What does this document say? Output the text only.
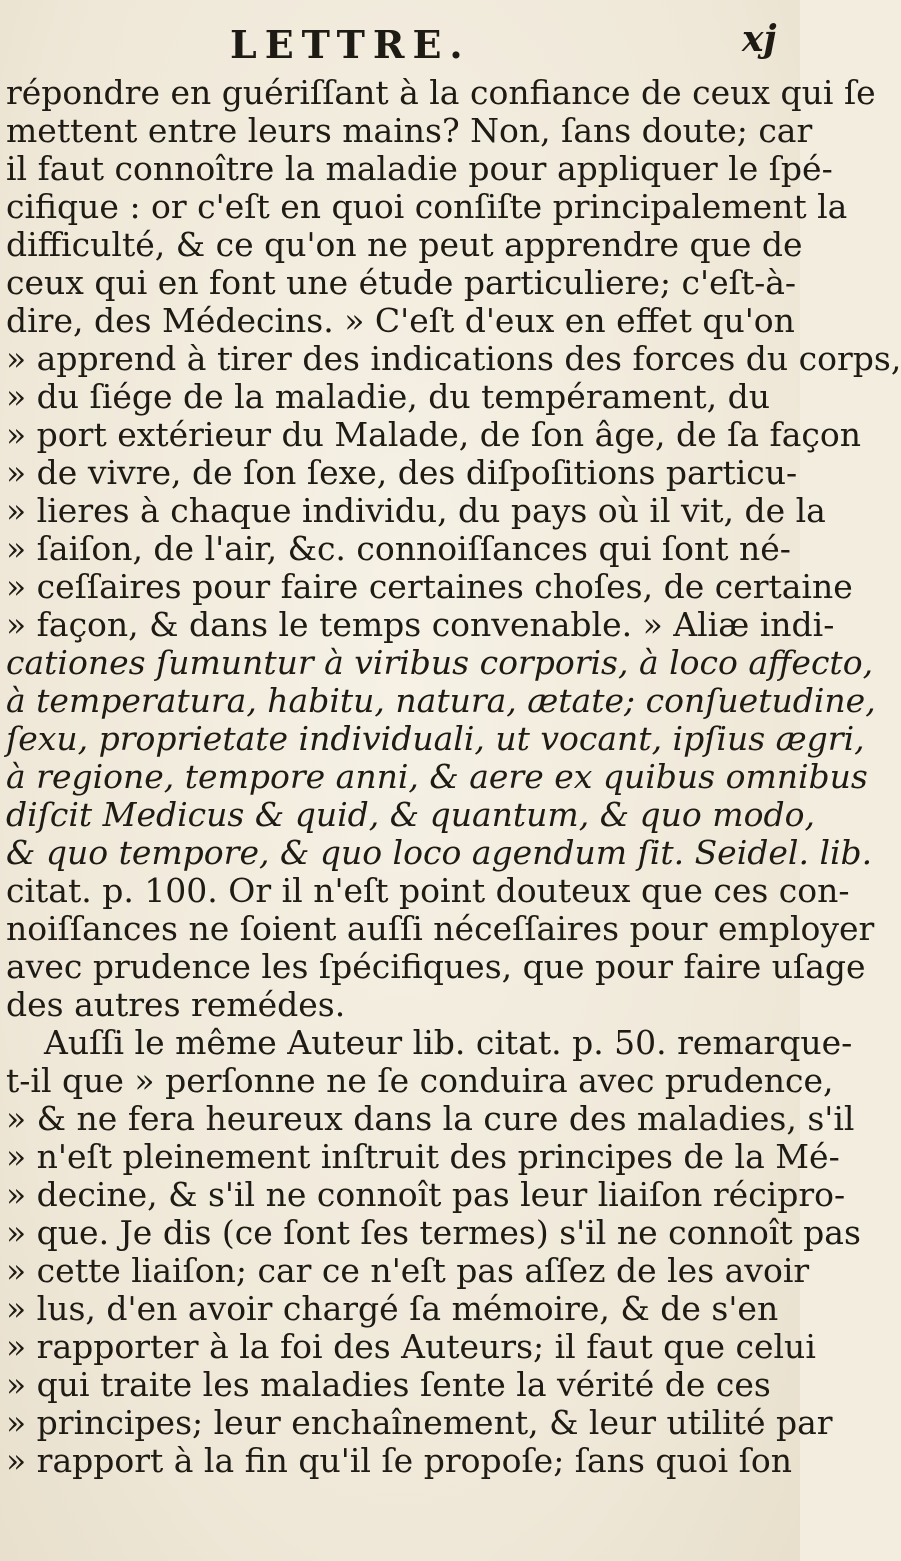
LETTRE.	xj
répondre en guériſſant à la confiance de ceux qui ſe
mettent entre leurs mains? Non, ſans doute; car
il faut connoître la maladie pour appliquer le ſpé-
cifique : or c'eſt en quoi conſiſte principalement la
difficulté, & ce qu'on ne peut apprendre que de
ceux qui en font une étude particuliere; c'eſt-à-
dire, des Médecins. » C'eſt d'eux en effet qu'on
» apprend à tirer des indications des forces du corps,
» du ſiége de la maladie, du tempérament, du
» port extérieur du Malade, de ſon âge, de ſa façon
» de vivre, de ſon ſexe, des diſpoſitions particu-
» lieres à chaque individu, du pays où il vit, de la
» ſaiſon, de l'air, &c. connoiſſances qui ſont né-
» ceſſaires pour faire certaines choſes, de certaine
» façon, & dans le temps convenable. » Aliæ indi-
cationes ſumuntur à viribus corporis, à loco affecto,
à temperatura, habitu, natura, ætate; conſuetudine,
ſexu, proprietate individuali, ut vocant, ipſius ægri,
à regione, tempore anni, & aere ex quibus omnibus
diſcit Medicus & quid, & quantum, & quo modo,
& quo tempore, & quo loco agendum ſit. Seidel. lib.
citat. p. 100. Or il n'eſt point douteux que ces con-
noiſſances ne ſoient auſſi néceſſaires pour employer
avec prudence les ſpécifiques, que pour faire uſage
des autres remédes.
Auſſi le même Auteur lib. citat. p. 50. remarque-
t-il que » perſonne ne ſe conduira avec prudence,
» & ne fera heureux dans la cure des maladies, s'il
» n'eſt pleinement inſtruit des principes de la Mé-
» decine, & s'il ne connoît pas leur liaiſon récipro-
» que. Je dis (ce ſont ſes termes) s'il ne connoît pas
» cette liaiſon; car ce n'eſt pas aſſez de les avoir
» lus, d'en avoir chargé ſa mémoire, & de s'en
» rapporter à la foi des Auteurs; il faut que celui
» qui traite les maladies ſente la vérité de ces
» principes; leur enchaînement, & leur utilité par
» rapport à la fin qu'il ſe propoſe; ſans quoi ſon
